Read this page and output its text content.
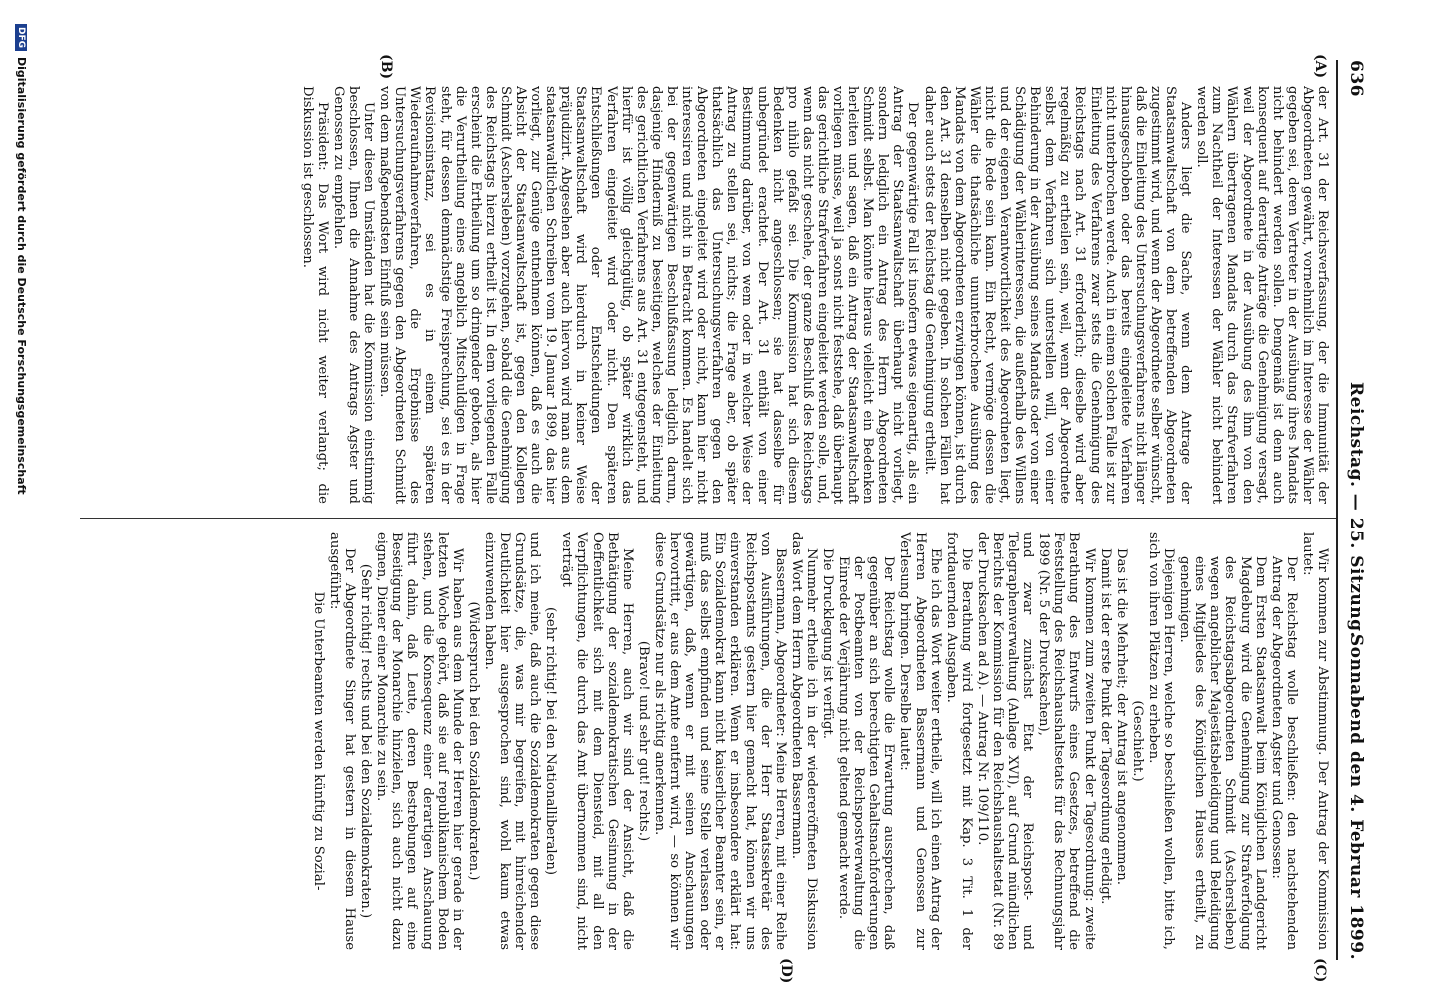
636
Reichstag. — 25. Sitzung.
Sonnabend den 4. Februar 1899.
(A)
(B)
(C)
(D)

der Art. 31 der Reichsverfassung, der die Immunität der Abgeordneten gewährt, vornehmlich im Interesse der Wähler gegeben sei, deren Vertreter in der Ausübung ihres Mandats nicht behindert werden sollen. Demgemäß ist denn auch konsequent auf derartige Anträge die Genehmigung versagt, weil der Abgeordnete in der Ausübung des ihm von den Wählern übertragenen Mandats durch das Strafverfahren zum Nachtheil der Interessen der Wähler nicht behindert werden soll.

Anders liegt die Sache, wenn dem Antrage der Staatsanwaltschaft von dem betreffenden Abgeordneten zugestimmt wird, und wenn der Abgeordnete selber wünscht, daß die Einleitung des Untersuchungsverfahrens nicht länger hinausgeschoben oder das bereits eingeleitete Verfahren nicht unterbrochen werde. Auch in einem solchen Falle ist zur Einleitung des Verfahrens zwar stets die Genehmigung des Reichstags nach Art. 31 erforderlich; dieselbe wird aber regelmäßig zu ertheilen sein, weil, wenn der Abgeordnete selbst dem Verfahren sich unterstellen will, von einer Behinderung in der Ausübung seines Mandats oder von einer Schädigung der Wählerinteressen, die außerhalb des Willens und der eigenen Verantwortlichkeit des Abgeordneten liegt, nicht die Rede sein kann. Ein Recht, vermöge dessen die Wähler die thatsächliche ununterbrochene Ausübung des Mandats von dem Abgeordneten erzwingen können, ist durch den Art. 31 denselben nicht gegeben. In solchen Fällen hat daher auch stets der Reichstag die Genehmigung ertheilt.

Der gegenwärtige Fall ist insofern etwas eigenartig, als ein Antrag der Staatsanwaltschaft überhaupt nicht vorliegt, sondern lediglich ein Antrag des Herrn Abgeordneten Schmidt selbst. Man könnte hieraus vielleicht ein Bedenken herleiten und sagen, daß ein Antrag der Staatsanwaltschaft vorliegen müsse, weil ja sonst nicht feststehe, daß überhaupt das gerichtliche Strafverfahren eingeleitet werden solle, und, wenn das nicht geschehe, der ganze Beschluß des Reichstags pro nihilo gefaßt sei. Die Kommission hat sich diesem Bedenken nicht angeschlossen; sie hat dasselbe für unbegründet erachtet. Der Art. 31 enthält von einer Bestimmung darüber, von wem oder in welcher Weise der Antrag zu stellen sei, nichts; die Frage aber, ob später thatsächlich das Untersuchungsverfahren gegen den Abgeordneten eingeleitet wird oder nicht, kann hier nicht interessiren und nicht in Betracht kommen. Es handelt sich bei der gegenwärtigen Beschlußfassung lediglich darum, dasjenige Hinderniß zu beseitigen, welches der Einleitung des gerichtlichen Verfahrens aus Art. 31 entgegensteht, und hierfür ist völlig gleichgültig, ob später wirklich das Verfahren eingeleitet wird oder nicht. Den späteren Entschließungen oder Entscheidungen der Staatsanwaltschaft wird hierdurch in keiner Weise präjudizirt. Abgesehen aber auch hiervon wird man aus dem staatsanwaltlichen Schreiben vom 19. Januar 1899, das hier vorliegt, zur Genüge entnehmen können, daß es auch die Absicht der Staatsanwaltschaft ist, gegen den Kollegen Schmidt (Aschersleben) vorzugehen, sobald die Genehmigung des Reichstags hierzu ertheilt ist. In dem vorliegenden Falle erscheint die Ertheilung um so dringender geboten, als hier die Verurtheilung eines angeblich Mitschuldigen in Frage steht, für dessen demnächstige Freisprechung, sei es in der Revisionsinstanz, sei es in einem späteren Wiederaufnahmeverfahren, die Ergebnisse des Untersuchungsverfahrens gegen den Abgeordneten Schmidt von dem maßgebendsten Einfluß sein müssen.

Unter diesen Umständen hat die Kommission einstimmig beschlossen, Ihnen die Annahme des Antrags Agster und Genossen zu empfehlen.

Präsident: Das Wort wird nicht weiter verlangt; die Diskussion ist geschlossen.

Wir kommen zur Abstimmung. Der Antrag der Kommission lautet:

Der Reichstag wolle beschließen: den nachstehenden Antrag der Abgeordneten Agster und Genossen:

Dem Ersten Staatsanwalt beim Königlichen Landgericht Magdeburg wird die Genehmigung zur Strafverfolgung des Reichstagsabgeordneten Schmidt (Aschersleben) wegen angeblicher Majestätsbeleidigung und Beleidigung eines Mitgliedes des Königlichen Hauses ertheilt, zu genehmigen.

Diejenigen Herren, welche so beschließen wollen, bitte ich, sich von ihren Plätzen zu erheben.

(Geschieht.)

Das ist die Mehrheit; der Antrag ist angenommen.

Damit ist der erste Punkt der Tagesordnung erledigt.

Wir kommen zum zweiten Punkt der Tagesordnung: zweite Berathung des Entwurfs eines Gesetzes, betreffend die Feststellung des Reichshaushaltsetats für das Rechnungsjahr 1899 (Nr. 5 der Drucksachen),

und zwar zunächst Etat der Reichspost- und Telegraphenverwaltung (Anlage XVI), auf Grund mündlichen Berichts der Kommission für den Reichshaushaltsetat (Nr. 89 der Drucksachen ad A). — Antrag Nr. 109/110.

Die Berathung wird fortgesetzt mit Kap. 3 Tit. 1 der fortdauernden Ausgaben.

Ehe ich das Wort weiter ertheile, will ich einen Antrag der Herren Abgeordneten Bassermann und Genossen zur Verlesung bringen. Derselbe lautet:

Der Reichstag wolle die Erwartung aussprechen, daß gegenüber an sich berechtigten Gehaltsnachforderungen der Postbeamten von der Reichspostverwaltung die Einrede der Verjährung nicht geltend gemacht werde.

Die Drucklegung ist verfügt.

Nunmehr ertheile ich in der wiedereröffneten Diskussion das Wort dem Herrn Abgeordneten Bassermann.

Bassermann, Abgeordneter: Meine Herren, mit einer Reihe von Ausführungen, die der Herr Staatssekretär des Reichspostamts gestern hier gemacht hat, können wir uns einverstanden erklären. Wenn er insbesondere erklärt hat: Ein Sozialdemokrat kann nicht kaiserlicher Beamter sein, er muß das selbst empfinden und seine Stelle verlassen oder gewärtigen, daß, wenn er mit seinen Anschauungen hervortritt, er aus dem Amte entfernt wird, — so können wir diese Grundsätze nur als richtig anerkennen.

(Bravo! und sehr gut! rechts.)

Meine Herren, auch wir sind der Ansicht, daß die Bethätigung der sozialdemokratischen Gesinnung in der Oeffentlichkeit sich mit dem Diensteid, mit all den Verpflichtungen, die durch das Amt übernommen sind, nicht verträgt

(sehr richtig! bei den Nationalliberalen)

und ich meine, daß auch die Sozialdemokraten gegen diese Grundsätze, die, was mir begreifen, mit hinreichender Deutlichkeit hier ausgesprochen sind, wohl kaum etwas einzuwenden haben.

(Widerspruch bei den Sozialdemokraten.)

Wir haben aus dem Munde der Herren hier gerade in der letzten Woche gehört, daß sie auf republikanischem Boden stehen, und die Konsequenz einer derartigen Anschauung führt dahin, daß Leute, deren Bestrebungen auf eine Beseitigung der Monarchie hinzielen, sich auch nicht dazu eignen, Diener einer Monarchie zu sein.

(Sehr richtig! rechts und bei den Sozialdemokraten.)

Der Abgeordnete Singer hat gestern in diesem Hause ausgeführt:

Die Unterbeamten werden künftig zu Sozial-

DFG
Digitalisierung gefördert durch die Deutsche Forschungsgemeinschaft
